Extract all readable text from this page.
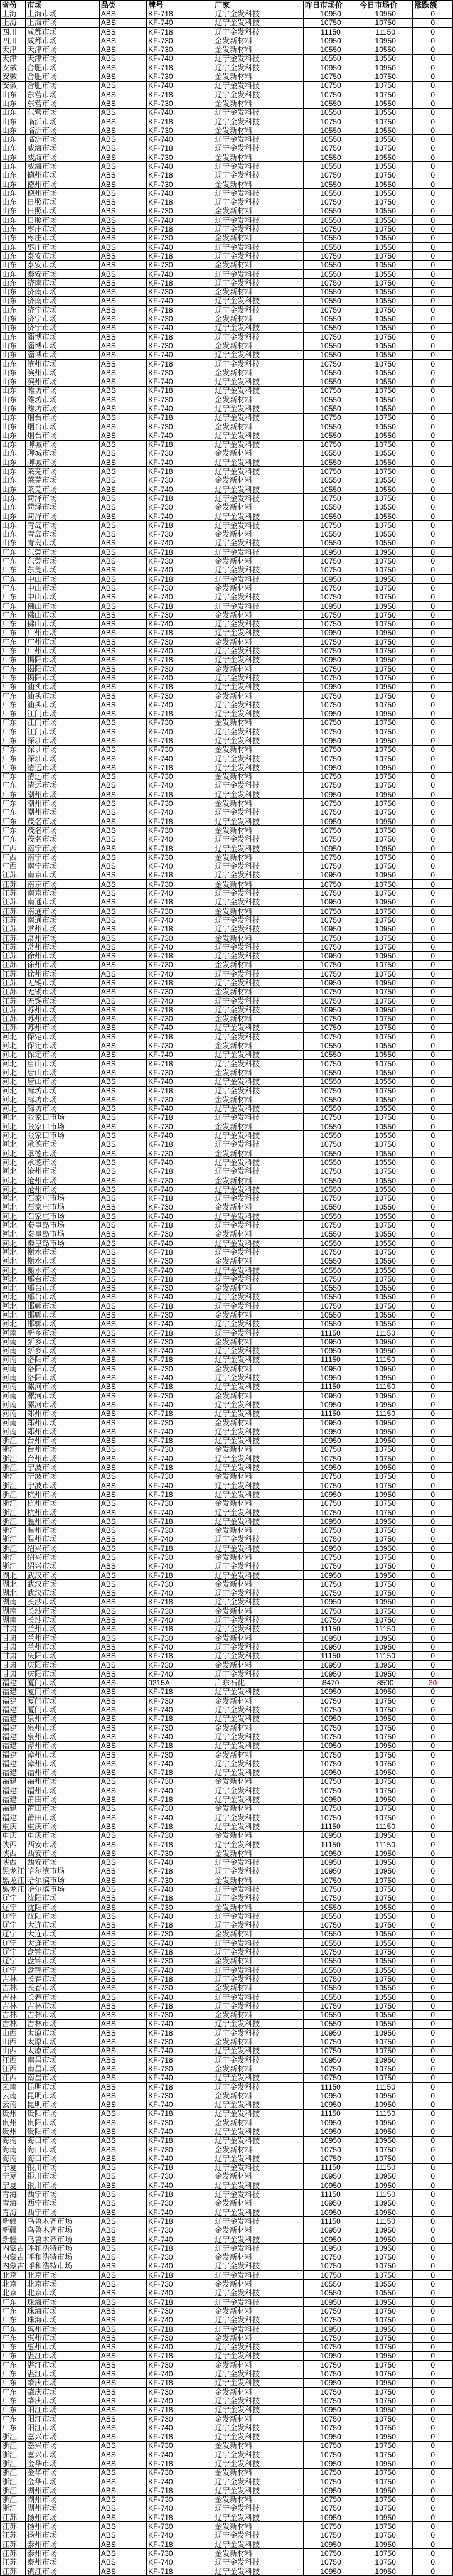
省份	市场	品类	牌号	厂家	昨日市场价	今日市场价	涨跌额
上海	上海市场	ABS	KF-718	辽宁金发科技	10950	10950	0
上海	上海市场	ABS	KF-740	辽宁金发科技	10750	10750	0
四川	成都市场	ABS	KF-718	辽宁金发科技	11150	11150	0
四川	成都市场	ABS	KF-730	金发新材料	10950	10950	0
天津	天津市场	ABS	KF-730	金发新材料	10550	10550	0
天津	天津市场	ABS	KF-740	辽宁金发科技	10550	10550	0
安徽	合肥市场	ABS	KF-718	辽宁金发科技	10950	10950	0
安徽	合肥市场	ABS	KF-730	金发新材料	10750	10750	0
安徽	合肥市场	ABS	KF-740	辽宁金发科技	10750	10750	0
山东	东营市场	ABS	KF-718	辽宁金发科技	10750	10750	0
山东	东营市场	ABS	KF-730	金发新材料	10550	10550	0
山东	东营市场	ABS	KF-740	辽宁金发科技	10550	10550	0
山东	临沂市场	ABS	KF-718	辽宁金发科技	10750	10750	0
山东	临沂市场	ABS	KF-730	金发新材料	10550	10550	0
山东	临沂市场	ABS	KF-740	辽宁金发科技	10550	10550	0
山东	威海市场	ABS	KF-718	辽宁金发科技	10750	10750	0
山东	威海市场	ABS	KF-730	金发新材料	10550	10550	0
山东	威海市场	ABS	KF-740	辽宁金发科技	10550	10550	0
山东	德州市场	ABS	KF-718	辽宁金发科技	10750	10750	0
山东	德州市场	ABS	KF-730	金发新材料	10550	10550	0
山东	德州市场	ABS	KF-740	辽宁金发科技	10550	10550	0
山东	日照市场	ABS	KF-718	辽宁金发科技	10750	10750	0
山东	日照市场	ABS	KF-730	金发新材料	10550	10550	0
山东	日照市场	ABS	KF-740	辽宁金发科技	10550	10550	0
山东	枣庄市场	ABS	KF-718	辽宁金发科技	10750	10750	0
山东	枣庄市场	ABS	KF-730	金发新材料	10550	10550	0
山东	枣庄市场	ABS	KF-740	辽宁金发科技	10550	10550	0
山东	泰安市场	ABS	KF-718	辽宁金发科技	10750	10750	0
山东	泰安市场	ABS	KF-730	金发新材料	10550	10550	0
山东	泰安市场	ABS	KF-740	辽宁金发科技	10550	10550	0
山东	济南市场	ABS	KF-718	辽宁金发科技	10750	10750	0
山东	济南市场	ABS	KF-730	金发新材料	10550	10550	0
山东	济南市场	ABS	KF-740	辽宁金发科技	10550	10550	0
山东	济宁市场	ABS	KF-718	辽宁金发科技	10750	10750	0
山东	济宁市场	ABS	KF-730	金发新材料	10550	10550	0
山东	济宁市场	ABS	KF-740	辽宁金发科技	10550	10550	0
山东	淄博市场	ABS	KF-718	辽宁金发科技	10750	10750	0
山东	淄博市场	ABS	KF-730	金发新材料	10550	10550	0
山东	淄博市场	ABS	KF-740	辽宁金发科技	10550	10550	0
山东	滨州市场	ABS	KF-718	辽宁金发科技	10750	10750	0
山东	滨州市场	ABS	KF-730	金发新材料	10550	10550	0
山东	滨州市场	ABS	KF-740	辽宁金发科技	10550	10550	0
山东	潍坊市场	ABS	KF-718	辽宁金发科技	10750	10750	0
山东	潍坊市场	ABS	KF-730	金发新材料	10550	10550	0
山东	潍坊市场	ABS	KF-740	辽宁金发科技	10550	10550	0
山东	烟台市场	ABS	KF-718	辽宁金发科技	10750	10750	0
山东	烟台市场	ABS	KF-730	金发新材料	10550	10550	0
山东	烟台市场	ABS	KF-740	辽宁金发科技	10550	10550	0
山东	聊城市场	ABS	KF-718	辽宁金发科技	10750	10750	0
山东	聊城市场	ABS	KF-730	金发新材料	10550	10550	0
山东	聊城市场	ABS	KF-740	辽宁金发科技	10550	10550	0
山东	莱芜市场	ABS	KF-718	辽宁金发科技	10750	10750	0
山东	莱芜市场	ABS	KF-730	金发新材料	10550	10550	0
山东	莱芜市场	ABS	KF-740	辽宁金发科技	10550	10550	0
山东	菏泽市场	ABS	KF-718	辽宁金发科技	10750	10750	0
山东	菏泽市场	ABS	KF-730	金发新材料	10550	10550	0
山东	菏泽市场	ABS	KF-740	辽宁金发科技	10550	10550	0
山东	青岛市场	ABS	KF-718	辽宁金发科技	10750	10750	0
山东	青岛市场	ABS	KF-730	金发新材料	10550	10550	0
山东	青岛市场	ABS	KF-740	辽宁金发科技	10550	10550	0
广东	东莞市场	ABS	KF-718	辽宁金发科技	10950	10950	0
广东	东莞市场	ABS	KF-730	金发新材料	10750	10750	0
广东	东莞市场	ABS	KF-740	辽宁金发科技	10750	10750	0
广东	中山市场	ABS	KF-718	辽宁金发科技	10950	10950	0
广东	中山市场	ABS	KF-730	金发新材料	10750	10750	0
广东	中山市场	ABS	KF-740	辽宁金发科技	10750	10750	0
广东	佛山市场	ABS	KF-718	辽宁金发科技	10950	10950	0
广东	佛山市场	ABS	KF-730	金发新材料	10750	10750	0
广东	佛山市场	ABS	KF-740	辽宁金发科技	10750	10750	0
广东	广州市场	ABS	KF-718	辽宁金发科技	10950	10950	0
广东	广州市场	ABS	KF-730	金发新材料	10750	10750	0
广东	广州市场	ABS	KF-740	辽宁金发科技	10750	10750	0
广东	揭阳市场	ABS	KF-718	辽宁金发科技	10950	10950	0
广东	揭阳市场	ABS	KF-730	金发新材料	10750	10750	0
广东	揭阳市场	ABS	KF-740	辽宁金发科技	10750	10750	0
广东	汕头市场	ABS	KF-718	辽宁金发科技	10950	10950	0
广东	汕头市场	ABS	KF-730	金发新材料	10750	10750	0
广东	汕头市场	ABS	KF-740	辽宁金发科技	10750	10750	0
广东	江门市场	ABS	KF-718	辽宁金发科技	10950	10950	0
广东	江门市场	ABS	KF-730	金发新材料	10750	10750	0
广东	江门市场	ABS	KF-740	辽宁金发科技	10750	10750	0
广东	深圳市场	ABS	KF-718	辽宁金发科技	10950	10950	0
广东	深圳市场	ABS	KF-730	金发新材料	10750	10750	0
广东	深圳市场	ABS	KF-740	辽宁金发科技	10750	10750	0
广东	清远市场	ABS	KF-718	辽宁金发科技	10950	10950	0
广东	清远市场	ABS	KF-730	金发新材料	10750	10750	0
广东	清远市场	ABS	KF-740	辽宁金发科技	10750	10750	0
广东	潮州市场	ABS	KF-718	辽宁金发科技	10950	10950	0
广东	潮州市场	ABS	KF-730	金发新材料	10750	10750	0
广东	潮州市场	ABS	KF-740	辽宁金发科技	10750	10750	0
广东	茂名市场	ABS	KF-718	辽宁金发科技	10950	10950	0
广东	茂名市场	ABS	KF-730	金发新材料	10750	10750	0
广东	茂名市场	ABS	KF-740	辽宁金发科技	10750	10750	0
广西	南宁市场	ABS	KF-718	辽宁金发科技	10950	10950	0
广西	南宁市场	ABS	KF-730	金发新材料	10750	10750	0
广西	南宁市场	ABS	KF-740	辽宁金发科技	10750	10750	0
江苏	南京市场	ABS	KF-718	辽宁金发科技	10950	10950	0
江苏	南京市场	ABS	KF-730	金发新材料	10750	10750	0
江苏	南京市场	ABS	KF-740	辽宁金发科技	10750	10750	0
江苏	南通市场	ABS	KF-718	辽宁金发科技	10950	10950	0
江苏	南通市场	ABS	KF-730	金发新材料	10750	10750	0
江苏	南通市场	ABS	KF-740	辽宁金发科技	10750	10750	0
江苏	常州市场	ABS	KF-718	辽宁金发科技	10950	10950	0
江苏	常州市场	ABS	KF-730	金发新材料	10750	10750	0
江苏	常州市场	ABS	KF-740	辽宁金发科技	10750	10750	0
江苏	徐州市场	ABS	KF-718	辽宁金发科技	10950	10950	0
江苏	徐州市场	ABS	KF-730	金发新材料	10750	10750	0
江苏	徐州市场	ABS	KF-740	辽宁金发科技	10750	10750	0
江苏	无锡市场	ABS	KF-718	辽宁金发科技	10950	10950	0
江苏	无锡市场	ABS	KF-730	金发新材料	10750	10750	0
江苏	无锡市场	ABS	KF-740	辽宁金发科技	10750	10750	0
江苏	苏州市场	ABS	KF-718	辽宁金发科技	10950	10950	0
江苏	苏州市场	ABS	KF-730	金发新材料	10750	10750	0
江苏	苏州市场	ABS	KF-740	辽宁金发科技	10750	10750	0
河北	保定市场	ABS	KF-718	辽宁金发科技	10750	10750	0
河北	保定市场	ABS	KF-730	金发新材料	10550	10550	0
河北	保定市场	ABS	KF-740	辽宁金发科技	10550	10550	0
河北	唐山市场	ABS	KF-718	辽宁金发科技	10750	10750	0
河北	唐山市场	ABS	KF-730	金发新材料	10550	10550	0
河北	唐山市场	ABS	KF-740	辽宁金发科技	10550	10550	0
河北	廊坊市场	ABS	KF-718	辽宁金发科技	10750	10750	0
河北	廊坊市场	ABS	KF-730	金发新材料	10550	10550	0
河北	廊坊市场	ABS	KF-740	辽宁金发科技	10550	10550	0
河北	张家口市场	ABS	KF-718	辽宁金发科技	10750	10750	0
河北	张家口市场	ABS	KF-730	金发新材料	10550	10550	0
河北	张家口市场	ABS	KF-740	辽宁金发科技	10550	10550	0
河北	承德市场	ABS	KF-718	辽宁金发科技	10750	10750	0
河北	承德市场	ABS	KF-730	金发新材料	10550	10550	0
河北	承德市场	ABS	KF-740	辽宁金发科技	10550	10550	0
河北	沧州市场	ABS	KF-718	辽宁金发科技	10750	10750	0
河北	沧州市场	ABS	KF-730	金发新材料	10550	10550	0
河北	沧州市场	ABS	KF-740	辽宁金发科技	10550	10550	0
河北	石家庄市场	ABS	KF-718	辽宁金发科技	10750	10750	0
河北	石家庄市场	ABS	KF-730	金发新材料	10550	10550	0
河北	石家庄市场	ABS	KF-740	辽宁金发科技	10550	10550	0
河北	秦皇岛市场	ABS	KF-718	辽宁金发科技	10750	10750	0
河北	秦皇岛市场	ABS	KF-730	金发新材料	10550	10550	0
河北	秦皇岛市场	ABS	KF-740	辽宁金发科技	10550	10550	0
河北	衡水市场	ABS	KF-718	辽宁金发科技	10750	10750	0
河北	衡水市场	ABS	KF-730	金发新材料	10550	10550	0
河北	衡水市场	ABS	KF-740	辽宁金发科技	10550	10550	0
河北	邢台市场	ABS	KF-718	辽宁金发科技	10750	10750	0
河北	邢台市场	ABS	KF-730	金发新材料	10550	10550	0
河北	邢台市场	ABS	KF-740	辽宁金发科技	10550	10550	0
河北	邯郸市场	ABS	KF-718	辽宁金发科技	10750	10750	0
河北	邯郸市场	ABS	KF-730	金发新材料	10550	10550	0
河北	邯郸市场	ABS	KF-740	辽宁金发科技	10550	10550	0
河南	新乡市场	ABS	KF-718	辽宁金发科技	11150	11150	0
河南	新乡市场	ABS	KF-730	金发新材料	10950	10950	0
河南	新乡市场	ABS	KF-740	辽宁金发科技	10950	10950	0
河南	洛阳市场	ABS	KF-718	辽宁金发科技	11150	11150	0
河南	洛阳市场	ABS	KF-730	金发新材料	10950	10950	0
河南	洛阳市场	ABS	KF-740	辽宁金发科技	10950	10950	0
河南	漯河市场	ABS	KF-718	辽宁金发科技	11150	11150	0
河南	漯河市场	ABS	KF-730	金发新材料	10950	10950	0
河南	漯河市场	ABS	KF-740	辽宁金发科技	10950	10950	0
河南	郑州市场	ABS	KF-718	辽宁金发科技	11150	11150	0
河南	郑州市场	ABS	KF-730	金发新材料	10950	10950	0
河南	郑州市场	ABS	KF-740	辽宁金发科技	10950	10950	0
浙江	台州市场	ABS	KF-718	辽宁金发科技	10950	10950	0
浙江	台州市场	ABS	KF-730	金发新材料	10750	10750	0
浙江	台州市场	ABS	KF-740	辽宁金发科技	10750	10750	0
浙江	宁波市场	ABS	KF-718	辽宁金发科技	10950	10950	0
浙江	宁波市场	ABS	KF-730	金发新材料	10750	10750	0
浙江	宁波市场	ABS	KF-740	辽宁金发科技	10750	10750	0
浙江	杭州市场	ABS	KF-718	辽宁金发科技	10950	10950	0
浙江	杭州市场	ABS	KF-730	金发新材料	10750	10750	0
浙江	杭州市场	ABS	KF-740	辽宁金发科技	10750	10750	0
浙江	温州市场	ABS	KF-718	辽宁金发科技	10950	10950	0
浙江	温州市场	ABS	KF-730	金发新材料	10750	10750	0
浙江	温州市场	ABS	KF-740	辽宁金发科技	10750	10750	0
浙江	绍兴市场	ABS	KF-718	辽宁金发科技	10950	10950	0
浙江	绍兴市场	ABS	KF-730	金发新材料	10750	10750	0
浙江	绍兴市场	ABS	KF-740	辽宁金发科技	10750	10750	0
湖北	武汉市场	ABS	KF-718	辽宁金发科技	10950	10950	0
湖北	武汉市场	ABS	KF-730	金发新材料	10750	10750	0
湖北	武汉市场	ABS	KF-740	辽宁金发科技	10750	10750	0
湖南	长沙市场	ABS	KF-718	辽宁金发科技	10950	10950	0
湖南	长沙市场	ABS	KF-730	金发新材料	10750	10750	0
湖南	长沙市场	ABS	KF-740	辽宁金发科技	10750	10750	0
甘肃	兰州市场	ABS	KF-718	辽宁金发科技	11150	11150	0
甘肃	兰州市场	ABS	KF-730	金发新材料	10950	10950	0
甘肃	兰州市场	ABS	KF-740	辽宁金发科技	10950	10950	0
甘肃	庆阳市场	ABS	KF-718	辽宁金发科技	11150	11150	0
甘肃	庆阳市场	ABS	KF-730	金发新材料	10950	10950	0
甘肃	庆阳市场	ABS	KF-740	辽宁金发科技	10950	10950	0
福建	厦门市场	ABS	0215A	广东石化	8470	8500	30
福建	厦门市场	ABS	KF-718	辽宁金发科技	10950	10950	0
福建	厦门市场	ABS	KF-730	金发新材料	10750	10750	0
福建	厦门市场	ABS	KF-740	辽宁金发科技	10750	10750	0
福建	泉州市场	ABS	KF-718	辽宁金发科技	10950	10950	0
福建	泉州市场	ABS	KF-730	金发新材料	10750	10750	0
福建	泉州市场	ABS	KF-740	辽宁金发科技	10750	10750	0
福建	漳州市场	ABS	KF-718	辽宁金发科技	10950	10950	0
福建	漳州市场	ABS	KF-730	金发新材料	10750	10750	0
福建	漳州市场	ABS	KF-740	辽宁金发科技	10750	10750	0
福建	福州市场	ABS	KF-718	辽宁金发科技	10950	10950	0
福建	福州市场	ABS	KF-730	金发新材料	10750	10750	0
福建	福州市场	ABS	KF-740	辽宁金发科技	10750	10750	0
福建	莆田市场	ABS	KF-718	辽宁金发科技	10950	10950	0
福建	莆田市场	ABS	KF-730	金发新材料	10750	10750	0
福建	莆田市场	ABS	KF-740	辽宁金发科技	10750	10750	0
重庆	重庆市场	ABS	KF-718	辽宁金发科技	11150	11150	0
重庆	重庆市场	ABS	KF-730	金发新材料	10950	10950	0
陕西	西安市场	ABS	KF-718	辽宁金发科技	11150	11150	0
陕西	西安市场	ABS	KF-730	金发新材料	10950	10950	0
陕西	西安市场	ABS	KF-740	辽宁金发科技	10950	10950	0
黑龙江	哈尔滨市场	ABS	KF-718	辽宁金发科技	10950	10950	0
黑龙江	哈尔滨市场	ABS	KF-730	金发新材料	10750	10750	0
黑龙江	哈尔滨市场	ABS	KF-740	辽宁金发科技	10750	10750	0
辽宁	沈阳市场	ABS	KF-718	辽宁金发科技	10750	10750	0
辽宁	沈阳市场	ABS	KF-730	金发新材料	10550	10550	0
辽宁	沈阳市场	ABS	KF-740	辽宁金发科技	10550	10550	0
辽宁	大连市场	ABS	KF-718	辽宁金发科技	10750	10750	0
辽宁	大连市场	ABS	KF-730	金发新材料	10550	10550	0
辽宁	大连市场	ABS	KF-740	辽宁金发科技	10550	10550	0
辽宁	盘锦市场	ABS	KF-718	辽宁金发科技	10750	10750	0
辽宁	盘锦市场	ABS	KF-730	金发新材料	10550	10550	0
辽宁	盘锦市场	ABS	KF-740	辽宁金发科技	10550	10550	0
吉林	长春市场	ABS	KF-718	辽宁金发科技	10750	10750	0
吉林	长春市场	ABS	KF-730	金发新材料	10550	10550	0
吉林	长春市场	ABS	KF-740	辽宁金发科技	10550	10550	0
吉林	吉林市场	ABS	KF-718	辽宁金发科技	10750	10750	0
吉林	吉林市场	ABS	KF-730	金发新材料	10550	10550	0
吉林	吉林市场	ABS	KF-740	辽宁金发科技	10550	10550	0
山西	太原市场	ABS	KF-718	辽宁金发科技	10950	10950	0
山西	太原市场	ABS	KF-730	金发新材料	10750	10750	0
山西	太原市场	ABS	KF-740	辽宁金发科技	10750	10750	0
江西	南昌市场	ABS	KF-718	辽宁金发科技	10950	10950	0
江西	南昌市场	ABS	KF-730	金发新材料	10750	10750	0
江西	南昌市场	ABS	KF-740	辽宁金发科技	10750	10750	0
云南	昆明市场	ABS	KF-718	辽宁金发科技	11150	11150	0
云南	昆明市场	ABS	KF-730	金发新材料	10950	10950	0
云南	昆明市场	ABS	KF-740	辽宁金发科技	10950	10950	0
贵州	贵阳市场	ABS	KF-718	辽宁金发科技	11150	11150	0
贵州	贵阳市场	ABS	KF-730	金发新材料	10950	10950	0
贵州	贵阳市场	ABS	KF-740	辽宁金发科技	10950	10950	0
海南	海口市场	ABS	KF-718	辽宁金发科技	10950	10950	0
海南	海口市场	ABS	KF-730	金发新材料	10750	10750	0
海南	海口市场	ABS	KF-740	辽宁金发科技	10750	10750	0
宁夏	银川市场	ABS	KF-718	辽宁金发科技	11150	11150	0
宁夏	银川市场	ABS	KF-730	金发新材料	10950	10950	0
宁夏	银川市场	ABS	KF-740	辽宁金发科技	10950	10950	0
青海	西宁市场	ABS	KF-718	辽宁金发科技	11150	11150	0
青海	西宁市场	ABS	KF-730	金发新材料	10950	10950	0
青海	西宁市场	ABS	KF-740	辽宁金发科技	10950	10950	0
新疆	乌鲁木齐市场	ABS	KF-718	辽宁金发科技	11150	11150	0
新疆	乌鲁木齐市场	ABS	KF-730	金发新材料	10950	10950	0
新疆	乌鲁木齐市场	ABS	KF-740	辽宁金发科技	10950	10950	0
内蒙古	呼和浩特市场	ABS	KF-718	辽宁金发科技	10950	10950	0
内蒙古	呼和浩特市场	ABS	KF-730	金发新材料	10750	10750	0
内蒙古	呼和浩特市场	ABS	KF-740	辽宁金发科技	10750	10750	0
北京	北京市场	ABS	KF-718	辽宁金发科技	10750	10750	0
北京	北京市场	ABS	KF-730	金发新材料	10550	10550	0
北京	北京市场	ABS	KF-740	辽宁金发科技	10550	10550	0
广东	珠海市场	ABS	KF-718	辽宁金发科技	10950	10950	0
广东	珠海市场	ABS	KF-730	金发新材料	10750	10750	0
广东	珠海市场	ABS	KF-740	辽宁金发科技	10750	10750	0
广东	惠州市场	ABS	KF-718	辽宁金发科技	10950	10950	0
广东	惠州市场	ABS	KF-730	金发新材料	10750	10750	0
广东	惠州市场	ABS	KF-740	辽宁金发科技	10750	10750	0
广东	湛江市场	ABS	KF-718	辽宁金发科技	10950	10950	0
广东	湛江市场	ABS	KF-730	金发新材料	10750	10750	0
广东	湛江市场	ABS	KF-740	辽宁金发科技	10750	10750	0
广东	肇庆市场	ABS	KF-718	辽宁金发科技	10950	10950	0
广东	肇庆市场	ABS	KF-730	金发新材料	10750	10750	0
广东	肇庆市场	ABS	KF-740	辽宁金发科技	10750	10750	0
广东	阳江市场	ABS	KF-718	辽宁金发科技	10950	10950	0
广东	阳江市场	ABS	KF-730	金发新材料	10750	10750	0
广东	阳江市场	ABS	KF-740	辽宁金发科技	10750	10750	0
浙江	嘉兴市场	ABS	KF-718	辽宁金发科技	10950	10950	0
浙江	嘉兴市场	ABS	KF-730	金发新材料	10750	10750	0
浙江	嘉兴市场	ABS	KF-740	辽宁金发科技	10750	10750	0
浙江	金华市场	ABS	KF-718	辽宁金发科技	10950	10950	0
浙江	金华市场	ABS	KF-730	金发新材料	10750	10750	0
浙江	金华市场	ABS	KF-740	辽宁金发科技	10750	10750	0
浙江	湖州市场	ABS	KF-718	辽宁金发科技	10950	10950	0
浙江	湖州市场	ABS	KF-730	金发新材料	10750	10750	0
浙江	湖州市场	ABS	KF-740	辽宁金发科技	10750	10750	0
江苏	扬州市场	ABS	KF-718	辽宁金发科技	10950	10950	0
江苏	扬州市场	ABS	KF-730	金发新材料	10750	10750	0
江苏	扬州市场	ABS	KF-740	辽宁金发科技	10750	10750	0
江苏	泰州市场	ABS	KF-718	辽宁金发科技	10950	10950	0
江苏	泰州市场	ABS	KF-730	金发新材料	10750	10750	0
江苏	泰州市场	ABS	KF-740	辽宁金发科技	10750	10750	0
江苏	镇江市场	ABS	KF-718	辽宁金发科技	10950	10950	0
